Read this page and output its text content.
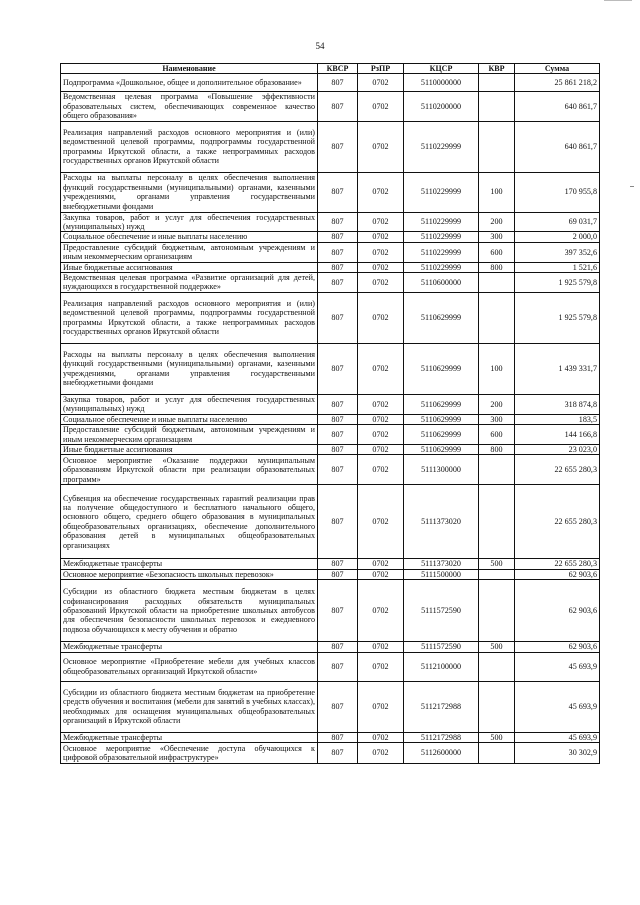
54
Наименование	КВСР	РзПР	КЦСР	КВР	Сумма
Подпрограмма «Дошкольное, общее и дополнительное образование»	807	0702	5110000000		25 861 218,2
Ведомственная целевая программа «Повышение эффективности образовательных систем, обеспечивающих современное качество общего образования»	807	0702	5110200000		640 861,7
Реализация направлений расходов основного мероприятия и (или) ведомственной целевой программы, подпрограммы государственной программы Иркутской области, а также непрограммных расходов государственных органов Иркутской области	807	0702	5110229999		640 861,7
Расходы на выплаты персоналу в целях обеспечения выполнения функций государственными (муниципальными) органами, казенными учреждениями, органами управления государственными внебюджетными фондами	807	0702	5110229999	100	170 955,8
Закупка товаров, работ и услуг для обеспечения государственных (муниципальных) нужд	807	0702	5110229999	200	69 031,7
Социальное обеспечение и иные выплаты населению	807	0702	5110229999	300	2 000,0
Предоставление субсидий бюджетным, автономным учреждениям и иным некоммерческим организациям	807	0702	5110229999	600	397 352,6
Иные бюджетные ассигнования	807	0702	5110229999	800	1 521,6
Ведомственная целевая программа «Развитие организаций для детей, нуждающихся в государственной поддержке»	807	0702	5110600000		1 925 579,8
Реализация направлений расходов основного мероприятия и (или) ведомственной целевой программы, подпрограммы государственной программы Иркутской области, а также непрограммных расходов государственных органов Иркутской области	807	0702	5110629999		1 925 579,8
Расходы на выплаты персоналу в целях обеспечения выполнения функций государственными (муниципальными) органами, казенными учреждениями, органами управления государственными внебюджетными фондами	807	0702	5110629999	100	1 439 331,7
Закупка товаров, работ и услуг для обеспечения государственных (муниципальных) нужд	807	0702	5110629999	200	318 874,8
Социальное обеспечение и иные выплаты населению	807	0702	5110629999	300	183,5
Предоставление субсидий бюджетным, автономным учреждениям и иным некоммерческим организациям	807	0702	5110629999	600	144 166,8
Иные бюджетные ассигнования	807	0702	5110629999	800	23 023,0
Основное мероприятие «Оказание поддержки муниципальным образованиям Иркутской области при реализации образовательных программ»	807	0702	5111300000		22 655 280,3
Субвенция на обеспечение государственных гарантий реализации прав на получение общедоступного и бесплатного начального общего, основного общего, среднего общего образования в муниципальных общеобразовательных организациях, обеспечение дополнительного образования детей в муниципальных общеобразовательных организациях	807	0702	5111373020		22 655 280,3
Межбюджетные трансферты	807	0702	5111373020	500	22 655 280,3
Основное мероприятие «Безопасность школьных перевозок»	807	0702	5111500000		62 903,6
Субсидии из областного бюджета местным бюджетам в целях софинансирования расходных обязательств муниципальных образований Иркутской области на приобретение школьных автобусов для обеспечения безопасности школьных перевозок и ежедневного подвоза обучающихся к месту обучения и обратно	807	0702	5111572590		62 903,6
Межбюджетные трансферты	807	0702	5111572590	500	62 903,6
Основное мероприятие «Приобретение мебели для учебных классов общеобразовательных организаций Иркутской области»	807	0702	5112100000		45 693,9
Субсидии из областного бюджета местным бюджетам на приобретение средств обучения и воспитания (мебели для занятий в учебных классах), необходимых для оснащения муниципальных общеобразовательных организаций в Иркутской области	807	0702	5112172988		45 693,9
Межбюджетные трансферты	807	0702	5112172988	500	45 693,9
Основное мероприятие «Обеспечение доступа обучающихся к цифровой образовательной инфраструктуре»	807	0702	5112600000		30 302,9
